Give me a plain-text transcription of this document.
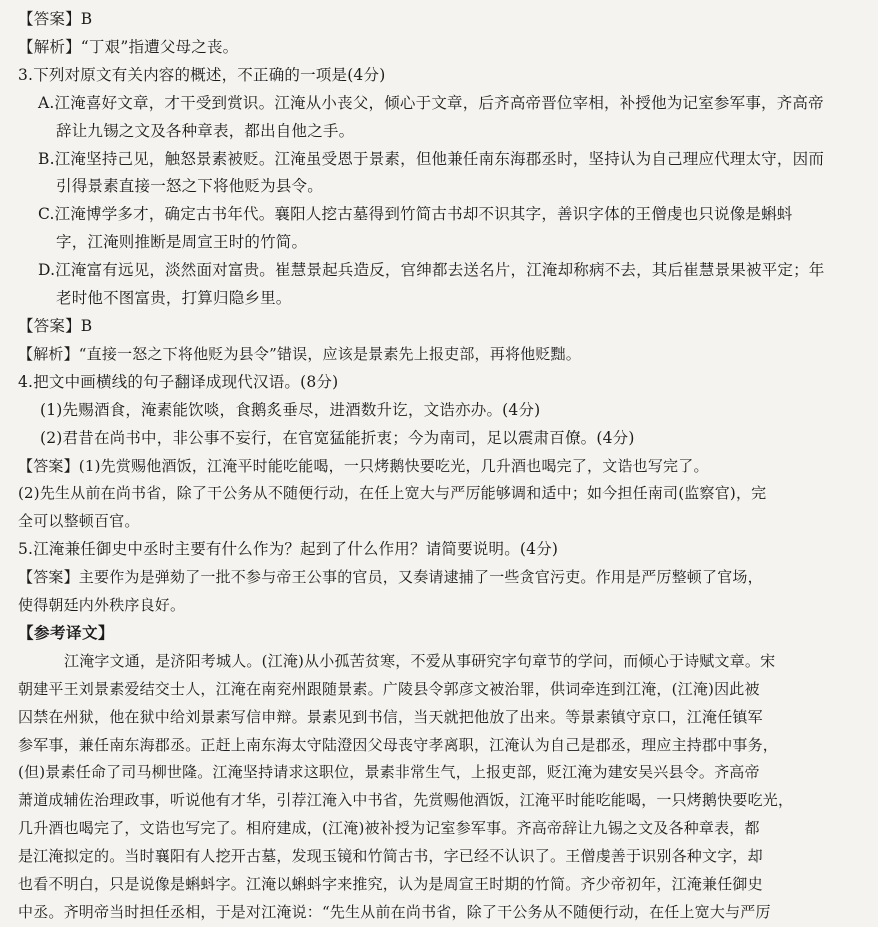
【答案】B
【解析】“丁艰”指遭父母之丧。
3.下列对原文有关内容的概述，不正确的一项是(4分)
A.江淹喜好文章，才干受到赏识。江淹从小丧父，倾心于文章，后齐高帝晋位宰相，补授他为记室参军事，齐高帝
辞让九锡之文及各种章表，都出自他之手。
B.江淹坚持己见，触怒景素被贬。江淹虽受恩于景素，但他兼任南东海郡丞时，坚持认为自己理应代理太守，因而
引得景素直接一怒之下将他贬为县令。
C.江淹博学多才，确定古书年代。襄阳人挖古墓得到竹简古书却不识其字，善识字体的王僧虔也只说像是蝌蚪
字，江淹则推断是周宣王时的竹简。
D.江淹富有远见，淡然面对富贵。崔慧景起兵造反，官绅都去送名片，江淹却称病不去，其后崔慧景果被平定；年
老时他不图富贵，打算归隐乡里。
【答案】B
【解析】“直接一怒之下将他贬为县令”错误，应该是景素先上报吏部，再将他贬黜。
4.把文中画横线的句子翻译成现代汉语。(8分)
(1)先赐酒食，淹素能饮啖，食鹅炙垂尽，进酒数升讫，文诰亦办。(4分)
(2)君昔在尚书中，非公事不妄行，在官宽猛能折衷；今为南司，足以震肃百僚。(4分)
【答案】(1)先赏赐他酒饭，江淹平时能吃能喝，一只烤鹅快要吃光，几升酒也喝完了，文诰也写完了。
(2)先生从前在尚书省，除了干公务从不随便行动，在任上宽大与严厉能够调和适中；如今担任南司(监察官)，完
全可以整顿百官。
5.江淹兼任御史中丞时主要有什么作为？起到了什么作用？请简要说明。(4分)
【答案】主要作为是弹劾了一批不参与帝王公事的官员，又奏请逮捕了一些贪官污吏。作用是严厉整顿了官场，
使得朝廷内外秩序良好。
【参考译文】
江淹字文通，是济阳考城人。(江淹)从小孤苦贫寒，不爱从事研究字句章节的学问，而倾心于诗赋文章。宋
朝建平王刘景素爱结交士人，江淹在南兖州跟随景素。广陵县令郭彦文被治罪，供词牵连到江淹，(江淹)因此被
囚禁在州狱，他在狱中给刘景素写信申辩。景素见到书信，当天就把他放了出来。等景素镇守京口，江淹任镇军
参军事，兼任南东海郡丞。正赶上南东海太守陆澄因父母丧守孝离职，江淹认为自己是郡丞，理应主持郡中事务，
(但)景素任命了司马柳世隆。江淹坚持请求这职位，景素非常生气，上报吏部，贬江淹为建安吴兴县令。齐高帝
萧道成辅佐治理政事，听说他有才华，引荐江淹入中书省，先赏赐他酒饭，江淹平时能吃能喝，一只烤鹅快要吃光，
几升酒也喝完了，文诰也写完了。相府建成，(江淹)被补授为记室参军事。齐高帝辞让九锡之文及各种章表，都
是江淹拟定的。当时襄阳有人挖开古墓，发现玉镜和竹简古书，字已经不认识了。王僧虔善于识别各种文字，却
也看不明白，只是说像是蝌蚪字。江淹以蝌蚪字来推究，认为是周宣王时期的竹简。齐少帝初年，江淹兼任御史
中丞。齐明帝当时担任丞相，于是对江淹说：“先生从前在尚书省，除了干公务从不随便行动，在任上宽大与严厉
